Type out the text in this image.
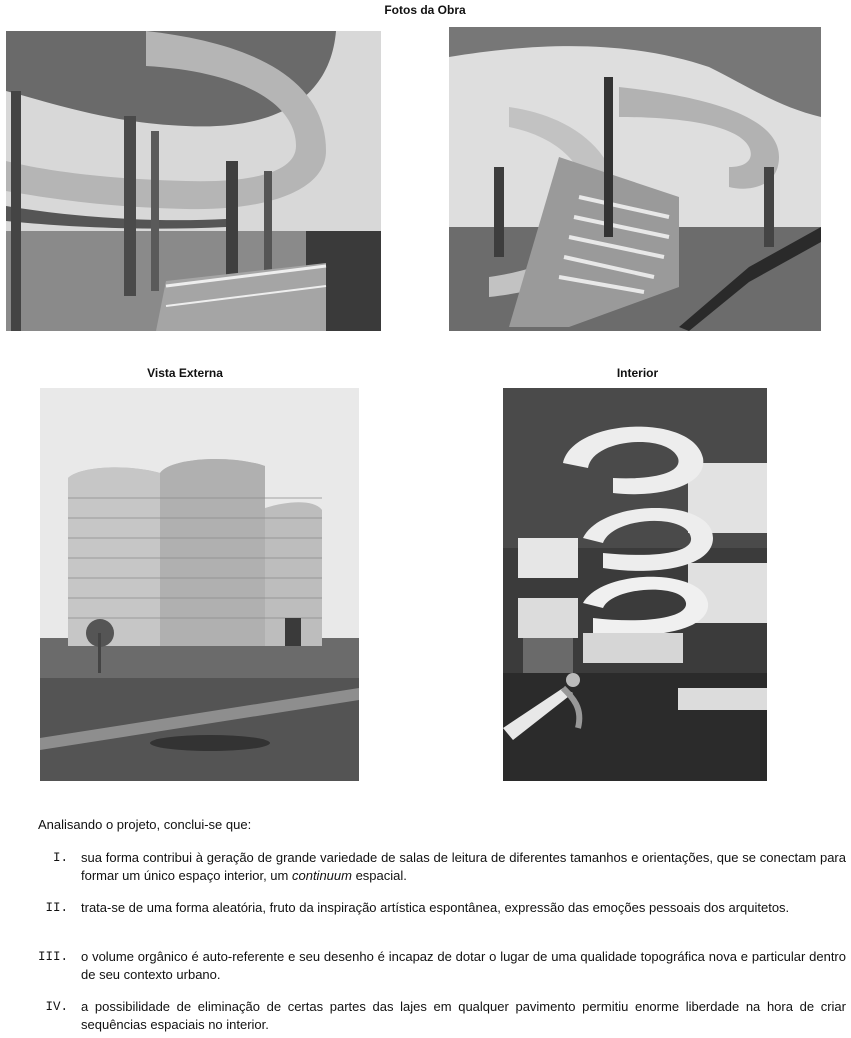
Fotos da Obra
Vista Externa	Interior
Analisando o projeto, conclui-se que:
I. sua forma contribui à geração de grande variedade de salas de leitura de diferentes tamanhos e orientações, que se conectam para formar um único espaço interior, um continuum espacial.
II. trata-se de uma forma aleatória, fruto da inspiração artística espontânea, expressão das emoções pessoais dos arquitetos.
III. o volume orgânico é auto-referente e seu desenho é incapaz de dotar o lugar de uma qualidade topográfica nova e particular dentro de seu contexto urbano.
IV. a possibilidade de eliminação de certas partes das lajes em qualquer pavimento permitiu enorme liberdade na hora de criar sequências espaciais no interior.
